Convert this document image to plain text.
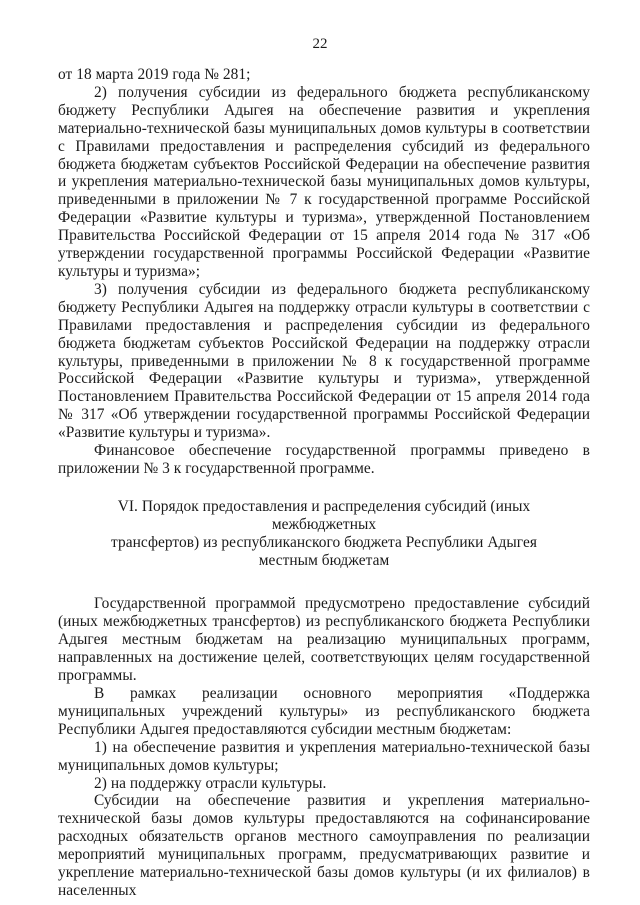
22

от 18 марта 2019 года № 281;

2) получения субсидии из федерального бюджета республиканскому бюджету Республики Адыгея на обеспечение развития и укрепления материально-технической базы муниципальных домов культуры в соответствии с Правилами предоставления и распределения субсидий из федерального бюджета бюджетам субъектов Российской Федерации на обеспечение развития и укрепления материально-технической базы муниципальных домов культуры, приведенными в приложении № 7 к государственной программе Российской Федерации «Развитие культуры и туризма», утвержденной Постановлением Правительства Российской Федерации от 15 апреля 2014 года № 317 «Об утверждении государственной программы Российской Федерации «Развитие культуры и туризма»;

3) получения субсидии из федерального бюджета республиканскому бюджету Республики Адыгея на поддержку отрасли культуры в соответствии с Правилами предоставления и распределения субсидии из федерального бюджета бюджетам субъектов Российской Федерации на поддержку отрасли культуры, приведенными в приложении № 8 к государственной программе Российской Федерации «Развитие культуры и туризма», утвержденной Постановлением Правительства Российской Федерации от 15 апреля 2014 года № 317 «Об утверждении государственной программы Российской Федерации «Развитие культуры и туризма».

Финансовое обеспечение государственной программы приведено в приложении № 3 к государственной программе.

VI. Порядок предоставления и распределения субсидий (иных межбюджетных
трансфертов) из республиканского бюджета Республики Адыгея
местным бюджетам

Государственной программой предусмотрено предоставление субсидий (иных межбюджетных трансфертов) из республиканского бюджета Республики Адыгея местным бюджетам на реализацию муниципальных программ, направленных на достижение целей, соответствующих целям государственной программы.

В рамках реализации основного мероприятия «Поддержка муниципальных учреждений культуры» из республиканского бюджета Республики Адыгея предоставляются субсидии местным бюджетам:

1) на обеспечение развития и укрепления материально-технической базы муниципальных домов культуры;

2) на поддержку отрасли культуры.

Субсидии на обеспечение развития и укрепления материально-технической базы домов культуры предоставляются на софинансирование расходных обязательств органов местного самоуправления по реализации мероприятий муниципальных программ, предусматривающих развитие и укрепление материально-технической базы домов культуры (и их филиалов) в населенных
